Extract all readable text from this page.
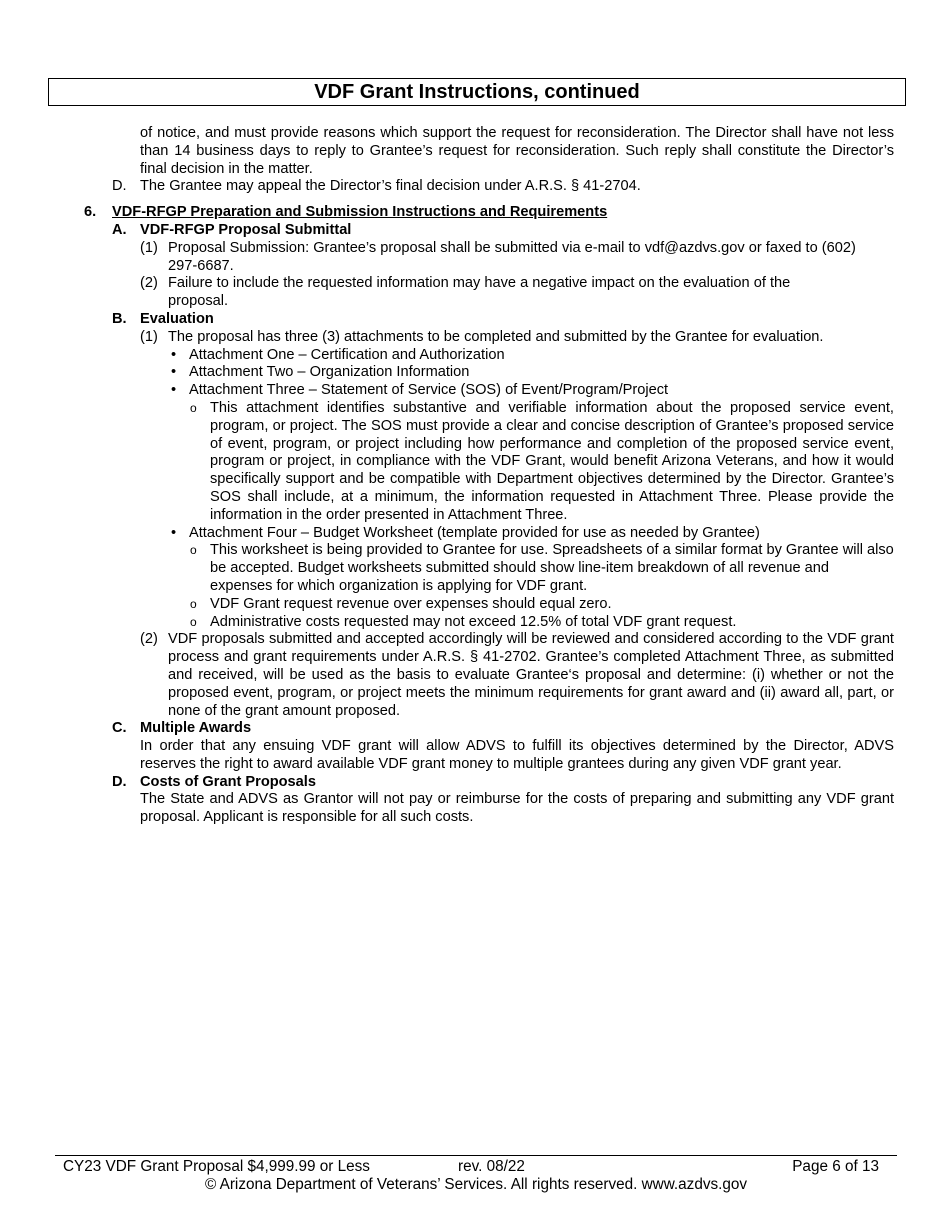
VDF Grant Instructions, continued
of notice, and must provide reasons which support the request for reconsideration. The Director shall have not less than 14 business days to reply to Grantee’s request for reconsideration. Such reply shall constitute the Director’s final decision in the matter.
D. The Grantee may appeal the Director’s final decision under A.R.S. § 41-2704.
6. VDF-RFGP Preparation and Submission Instructions and Requirements
A. VDF-RFGP Proposal Submittal
(1) Proposal Submission: Grantee’s proposal shall be submitted via e-mail to vdf@azdvs.gov or faxed to (602) 297-6687.
(2) Failure to include the requested information may have a negative impact on the evaluation of the proposal.
B. Evaluation
(1) The proposal has three (3) attachments to be completed and submitted by the Grantee for evaluation.
• Attachment One – Certification and Authorization
• Attachment Two – Organization Information
• Attachment Three – Statement of Service (SOS) of Event/Program/Project
o This attachment identifies substantive and verifiable information about the proposed service event, program, or project. The SOS must provide a clear and concise description of Grantee’s proposed service of event, program, or project including how performance and completion of the proposed service event, program or project, in compliance with the VDF Grant, would benefit Arizona Veterans, and how it would specifically support and be compatible with Department objectives determined by the Director. Grantee’s SOS shall include, at a minimum, the information requested in Attachment Three. Please provide the information in the order presented in Attachment Three.
• Attachment Four – Budget Worksheet (template provided for use as needed by Grantee)
o This worksheet is being provided to Grantee for use. Spreadsheets of a similar format by Grantee will also be accepted. Budget worksheets submitted should show line-item breakdown of all revenue and expenses for which organization is applying for VDF grant.
o VDF Grant request revenue over expenses should equal zero.
o Administrative costs requested may not exceed 12.5% of total VDF grant request.
(2) VDF proposals submitted and accepted accordingly will be reviewed and considered according to the VDF grant process and grant requirements under A.R.S. § 41-2702. Grantee’s completed Attachment Three, as submitted and received, will be used as the basis to evaluate Grantee‘s proposal and determine: (i) whether or not the proposed event, program, or project meets the minimum requirements for grant award and (ii) award all, part, or none of the grant amount proposed.
C. Multiple Awards
In order that any ensuing VDF grant will allow ADVS to fulfill its objectives determined by the Director, ADVS reserves the right to award available VDF grant money to multiple grantees during any given VDF grant year.
D. Costs of Grant Proposals
The State and ADVS as Grantor will not pay or reimburse for the costs of preparing and submitting any VDF grant proposal. Applicant is responsible for all such costs.
CY23 VDF Grant Proposal $4,999.99 or Less	rev. 08/22	Page 6 of 13
© Arizona Department of Veterans’ Services. All rights reserved. www.azdvs.gov
